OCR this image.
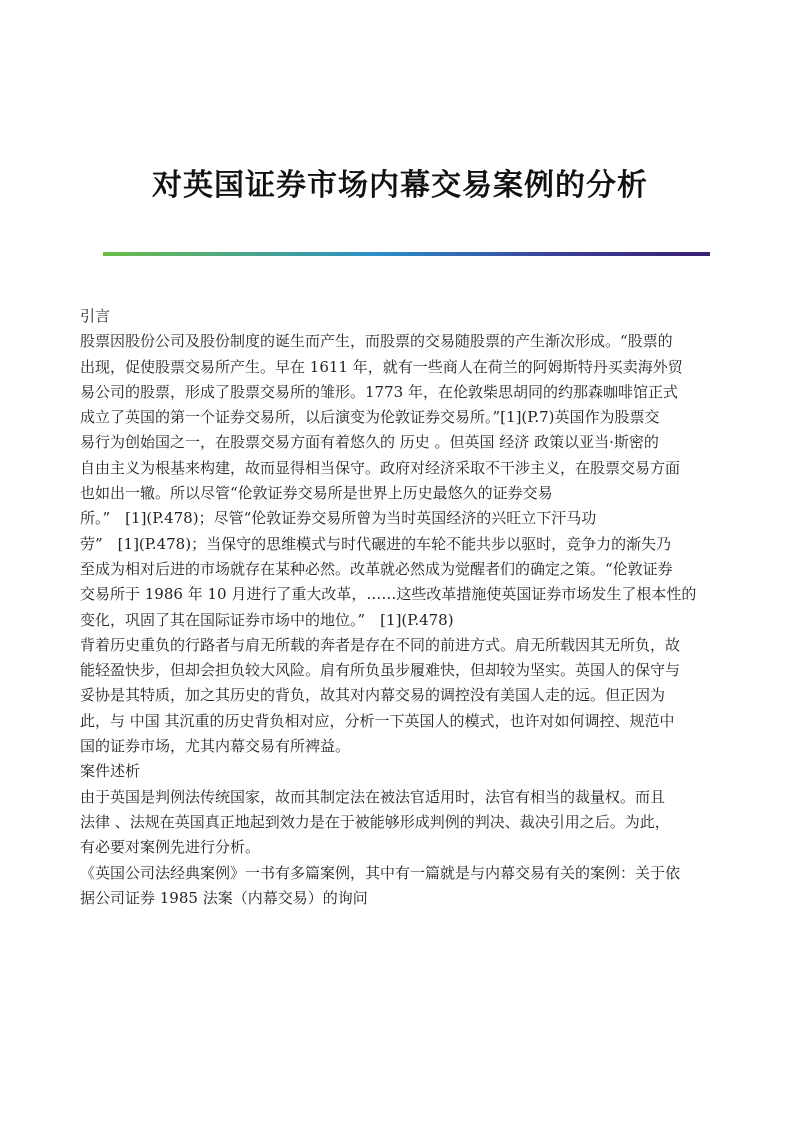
对英国证券市场内幕交易案例的分析
引言

股票因股份公司及股份制度的诞生而产生，而股票的交易随股票的产生渐次形成。“股票的
出现，促使股票交易所产生。早在 1611 年，就有一些商人在荷兰的阿姆斯特丹买卖海外贸
易公司的股票，形成了股票交易所的雏形。1773 年，在伦敦柴思胡同的约那森咖啡馆正式
成立了英国的第一个证券交易所，以后演变为伦敦证券交易所。”[1](P.7)英国作为股票交
易行为创始国之一，在股票交易方面有着悠久的 历史 。但英国 经济 政策以亚当·斯密的
自由主义为根基来构建，故而显得相当保守。政府对经济采取不干涉主义，在股票交易方面
也如出一辙。所以尽管“伦敦证券交易所是世界上历史最悠久的证券交易
所。”　[1](P.478)；尽管“伦敦证券交易所曾为当时英国经济的兴旺立下汗马功
劳”　[1](P.478)；当保守的思维模式与时代碾进的车轮不能共步以驱时，竞争力的渐失乃
至成为相对后进的市场就存在某种必然。改革就必然成为觉醒者们的确定之策。“伦敦证券
交易所于 1986 年 10 月进行了重大改革，……这些改革措施使英国证券市场发生了根本性的
变化，巩固了其在国际证券市场中的地位。”　[1](P.478)

背着历史重负的行路者与肩无所载的奔者是存在不同的前进方式。肩无所载因其无所负，故
能轻盈快步，但却会担负较大风险。肩有所负虽步履难快，但却较为坚实。英国人的保守与
妥协是其特质，加之其历史的背负，故其对内幕交易的调控没有美国人走的远。但正因为
此，与 中国 其沉重的历史背负相对应，分析一下英国人的模式，也许对如何调控、规范中
国的证券市场，尤其内幕交易有所裨益。

案件述析

由于英国是判例法传统国家，故而其制定法在被法官适用时，法官有相当的裁量权。而且
法律 、法规在英国真正地起到效力是在于被能够形成判例的判决、裁决引用之后。为此，
有必要对案例先进行分析。

《英国公司法经典案例》一书有多篇案例，其中有一篇就是与内幕交易有关的案例：关于依
据公司证券 1985 法案（内幕交易）的询问
